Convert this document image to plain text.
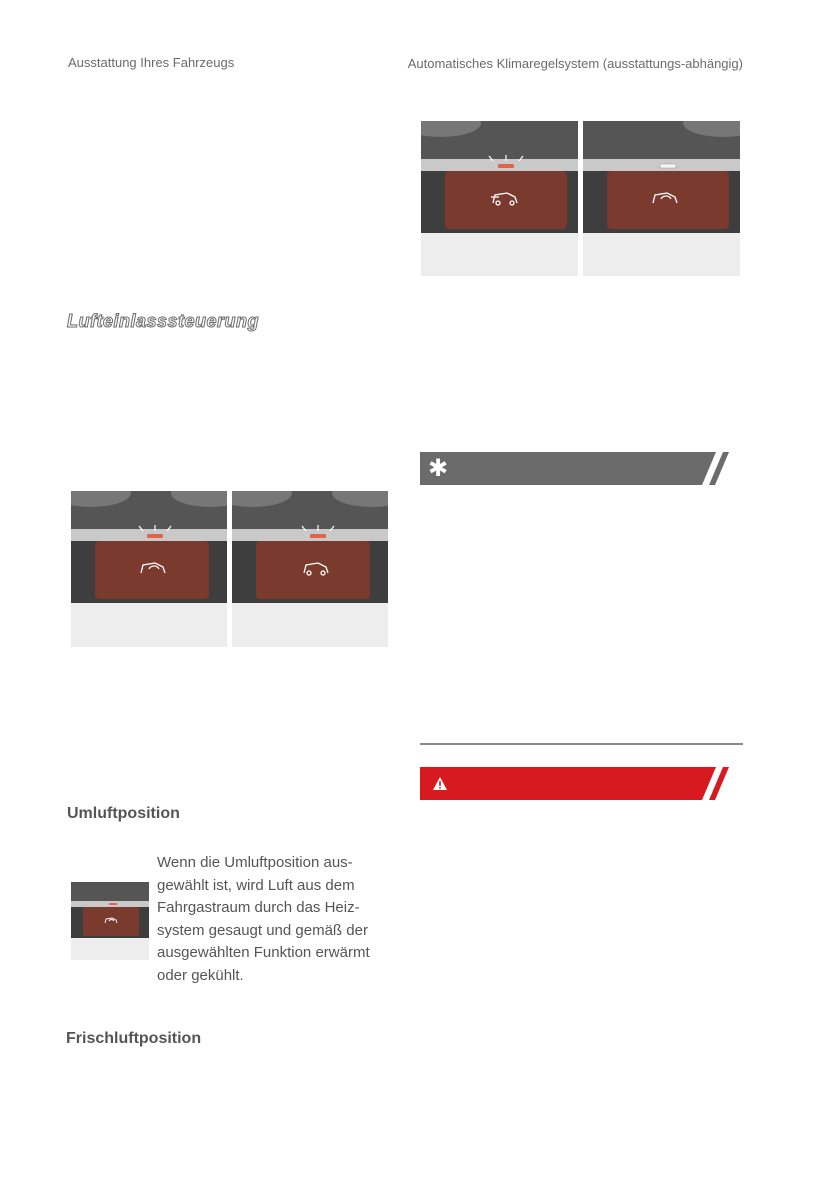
Ausstattung Ihres Fahrzeugs	Automatisches Klimaregelsystem (ausstattungs-abhängig)
Lufteinlasssteuerung
Umluftposition
Wenn die Umluftposition aus-gewählt ist, wird Luft aus dem Fahrgastraum durch das Heiz-system gesaugt und gemäß der ausgewählten Funktion erwärmt oder gekühlt.
Frischluftposition
✱
